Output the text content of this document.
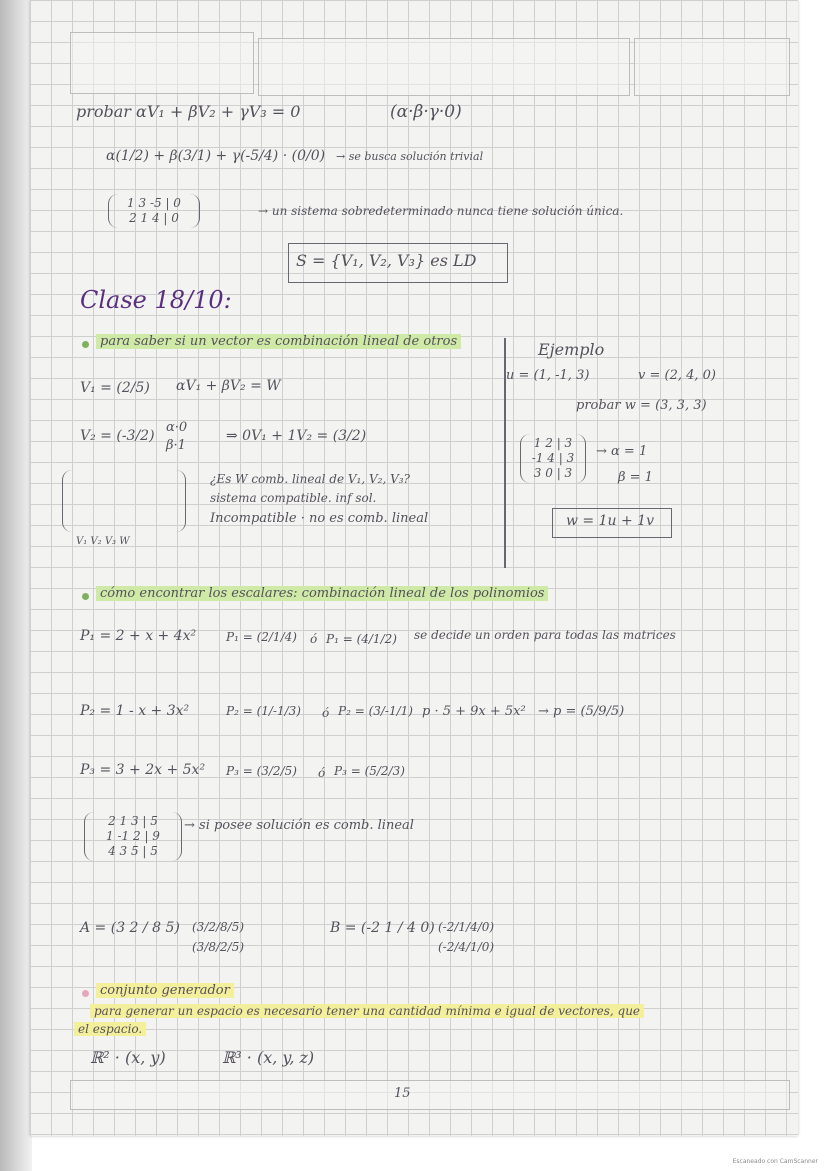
probar αV₁ + βV₂ + γV₃ = 0	(α·β·γ·0)
α(1/2) + β(3/1) + γ(-5/4) · (0/0) → se busca solución trivial
1 3 -5 | 0
2 1 4 | 0	→ un sistema sobredeterminado nunca tiene solución única.
S = {V₁, V₂, V₃} es LD
Clase 18/10:
para saber si un vector es combinación lineal de otros
V₁ = (2/5) αV₁ + βV₂ = W
V₂ = (-3/2)
α·0
β·1
⇒ 0V₁ + 1V₂ = (3/2)
V₁ V₂ V₃ W
¿Es W comb. lineal de V₁, V₂, V₃?
sistema compatible. inf sol.
Incompatible · no es comb. lineal
Ejemplo
u = (1, -1, 3)	v = (2, 4, 0)
probar w = (3, 3, 3)
1 2 | 3
-1 4 | 3
3 0 | 3
→ α = 1
β = 1
w = 1u + 1v
cómo encontrar los escalares: combinación lineal de los polinomios
P₁ = 2 + x + 4x² P₁ = (2/1/4) ó P₁ = (4/1/2) se decide un orden para todas las matrices
P₂ = 1 - x + 3x²	P₂ = (1/-1/3) ó P₂ = (3/-1/1) p · 5 + 9x + 5x² → p = (5/9/5)
P₃ = 3 + 2x + 5x² P₃ = (3/2/5) ó P₃ = (5/2/3)
2 1 3 | 5
1 -1 2 | 9
4 3 5 | 5
→ si posee solución es comb. lineal
A = (3 2 / 8 5) (3/2/8/5)
(3/8/2/5)
B = (-2 1 / 4 0) (-2/1/4/0)
(-2/4/1/0)
conjunto generador
para generar un espacio es necesario tener una cantidad mínima e igual de vectores, que
el espacio.
ℝ² · (x, y)	ℝ³ · (x, y, z)
15
Escaneado con CamScanner
